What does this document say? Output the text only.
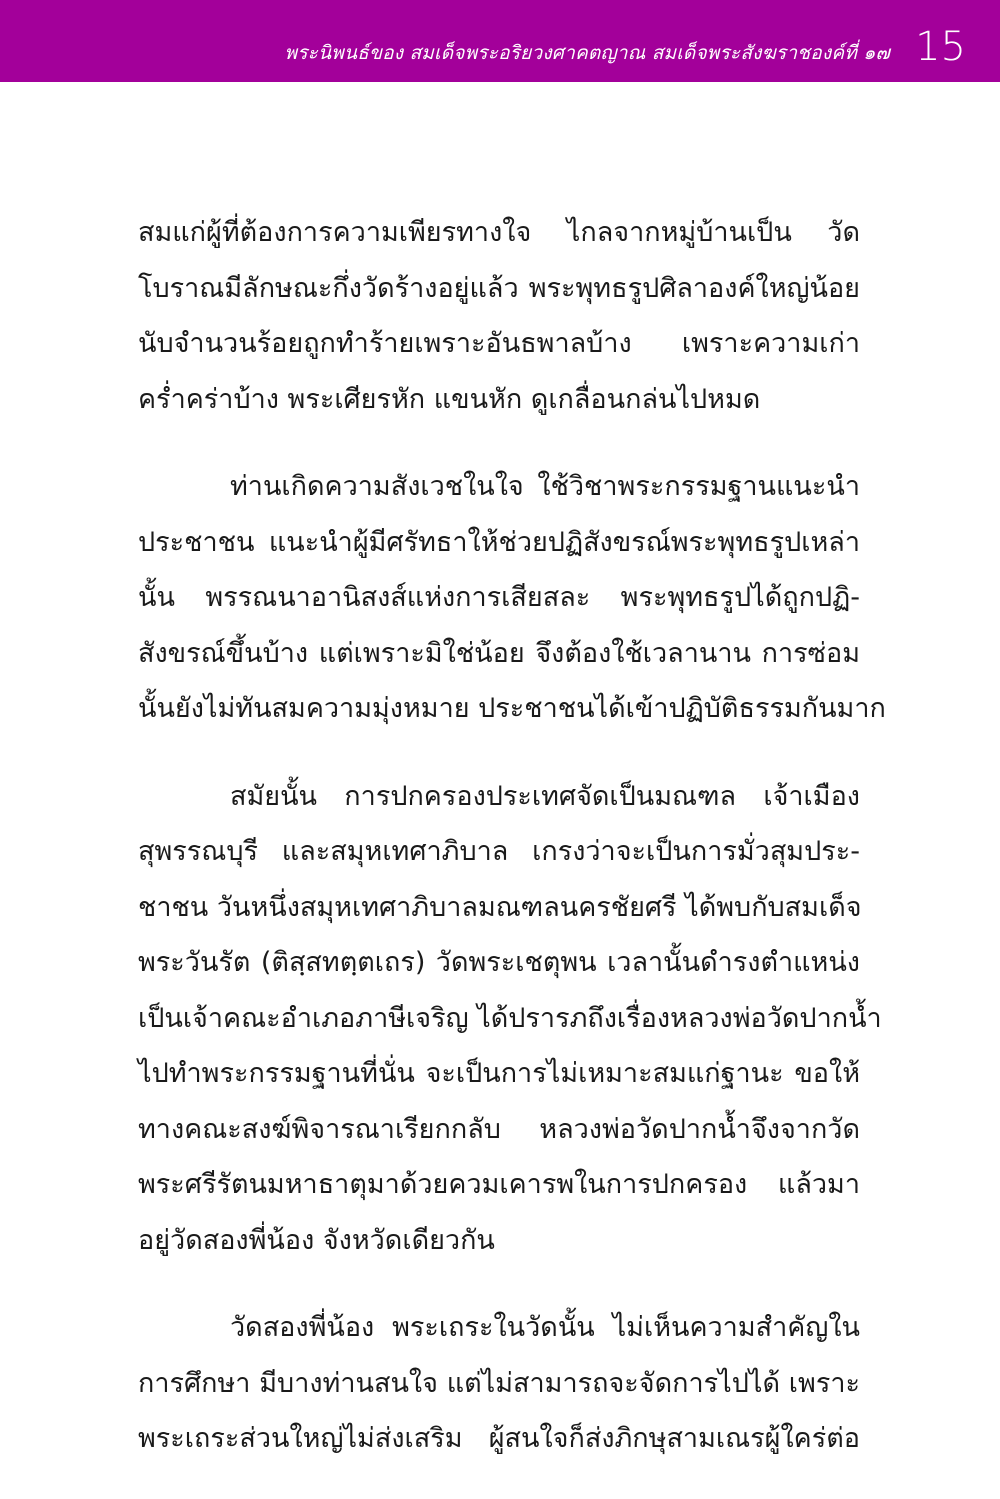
พระนิพนธ์ของ สมเด็จพระอริยวงศาคตญาณ สมเด็จพระสังฆราชองค์ที่ ๑๗ 15
สมแก่ผู้ที่ต้องการความเพียรทางใจ ไกลจากหมู่บ้านเป็น วัด
โบราณมีลักษณะกึ่งวัดร้างอยู่แล้ว พระพุทธรูปศิลาองค์ใหญ่น้อย
นับจำนวนร้อยถูกทำร้ายเพราะอันธพาลบ้าง เพราะความเก่า
คร่ำคร่าบ้าง พระเศียรหัก แขนหัก ดูเกลื่อนกล่นไปหมด
ท่านเกิดความสังเวชในใจ ใช้วิชาพระกรรมฐานแนะนำ
ประชาชน แนะนำผู้มีศรัทธาให้ช่วยปฏิสังขรณ์พระพุทธรูปเหล่า
นั้น พรรณนาอานิสงส์แห่งการเสียสละ พระพุทธรูปได้ถูกปฏิ-
สังขรณ์ขึ้นบ้าง แต่เพราะมิใช่น้อย จึงต้องใช้เวลานาน การซ่อม
นั้นยังไม่ทันสมความมุ่งหมาย ประชาชนได้เข้าปฏิบัติธรรมกันมาก
สมัยนั้น การปกครองประเทศจัดเป็นมณฑล เจ้าเมือง
สุพรรณบุรี และสมุหเทศาภิบาล เกรงว่าจะเป็นการมั่วสุมประ-
ชาชน วันหนึ่งสมุหเทศาภิบาลมณฑลนครชัยศรี ได้พบกับสมเด็จ
พระวันรัต (ติสฺสทตฺตเถร) วัดพระเชตุพน เวลานั้นดำรงตำแหน่ง
เป็นเจ้าคณะอำเภอภาษีเจริญ ได้ปรารภถึงเรื่องหลวงพ่อวัดปากน้ำ
ไปทำพระกรรมฐานที่นั่น จะเป็นการไม่เหมาะสมแก่ฐานะ ขอให้
ทางคณะสงฆ์พิจารณาเรียกกลับ หลวงพ่อวัดปากน้ำจึงจากวัด
พระศรีรัตนมหาธาตุมาด้วยควมเคารพในการปกครอง แล้วมา
อยู่วัดสองพี่น้อง จังหวัดเดียวกัน
วัดสองพี่น้อง พระเถระในวัดนั้น ไม่เห็นความสำคัญใน
การศึกษา มีบางท่านสนใจ แต่ไม่สามารถจะจัดการไปได้ เพราะ
พระเถระส่วนใหญ่ไม่ส่งเสริม ผู้สนใจก็ส่งภิกษุสามเณรผู้ใคร่ต่อ
